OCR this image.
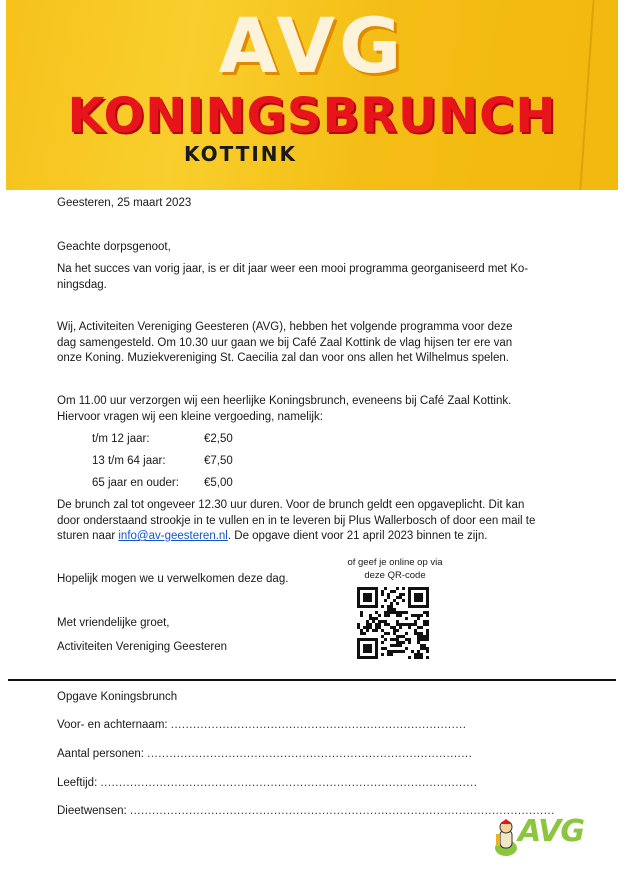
AVG
KONINGSBRUNCH
KOTTINK
Geesteren, 25 maart 2023
Geachte dorpsgenoot,
Na het succes van vorig jaar, is er dit jaar weer een mooi programma georganiseerd met Ko-ningsdag.
Wij, Activiteiten Vereniging Geesteren (AVG), hebben het volgende programma voor deze dag samengesteld. Om 10.30 uur gaan we bij Café Zaal Kottink de vlag hijsen ter ere van onze Koning. Muziekvereniging St. Caecilia zal dan voor ons allen het Wilhelmus spelen.
Om 11.00 uur verzorgen wij een heerlijke Koningsbrunch, eveneens bij Café Zaal Kottink. Hiervoor vragen wij een kleine vergoeding, namelijk:
t/m 12 jaar:	€2,50
13 t/m 64 jaar:	€7,50
65 jaar en ouder: €5,00
De brunch zal tot ongeveer 12.30 uur duren. Voor de brunch geldt een opgaveplicht. Dit kan door onderstaand strookje in te vullen en in te leveren bij Plus Wallerbosch of door een mail te sturen naar info@av-geesteren.nl. De opgave dient voor 21 april 2023 binnen te zijn.
Hopelijk mogen we u verwelkomen deze dag.
Met vriendelijke groet,
Activiteiten Vereniging Geesteren
of geef je online op via deze QR-code
Opgave Koningsbrunch
Voor- en achternaam: ................................................................................
Aantal personen: ........................................................................................
Leeftijd: ......................................................................................................
Dieetwensen: ...................................................................................................................
AVG
